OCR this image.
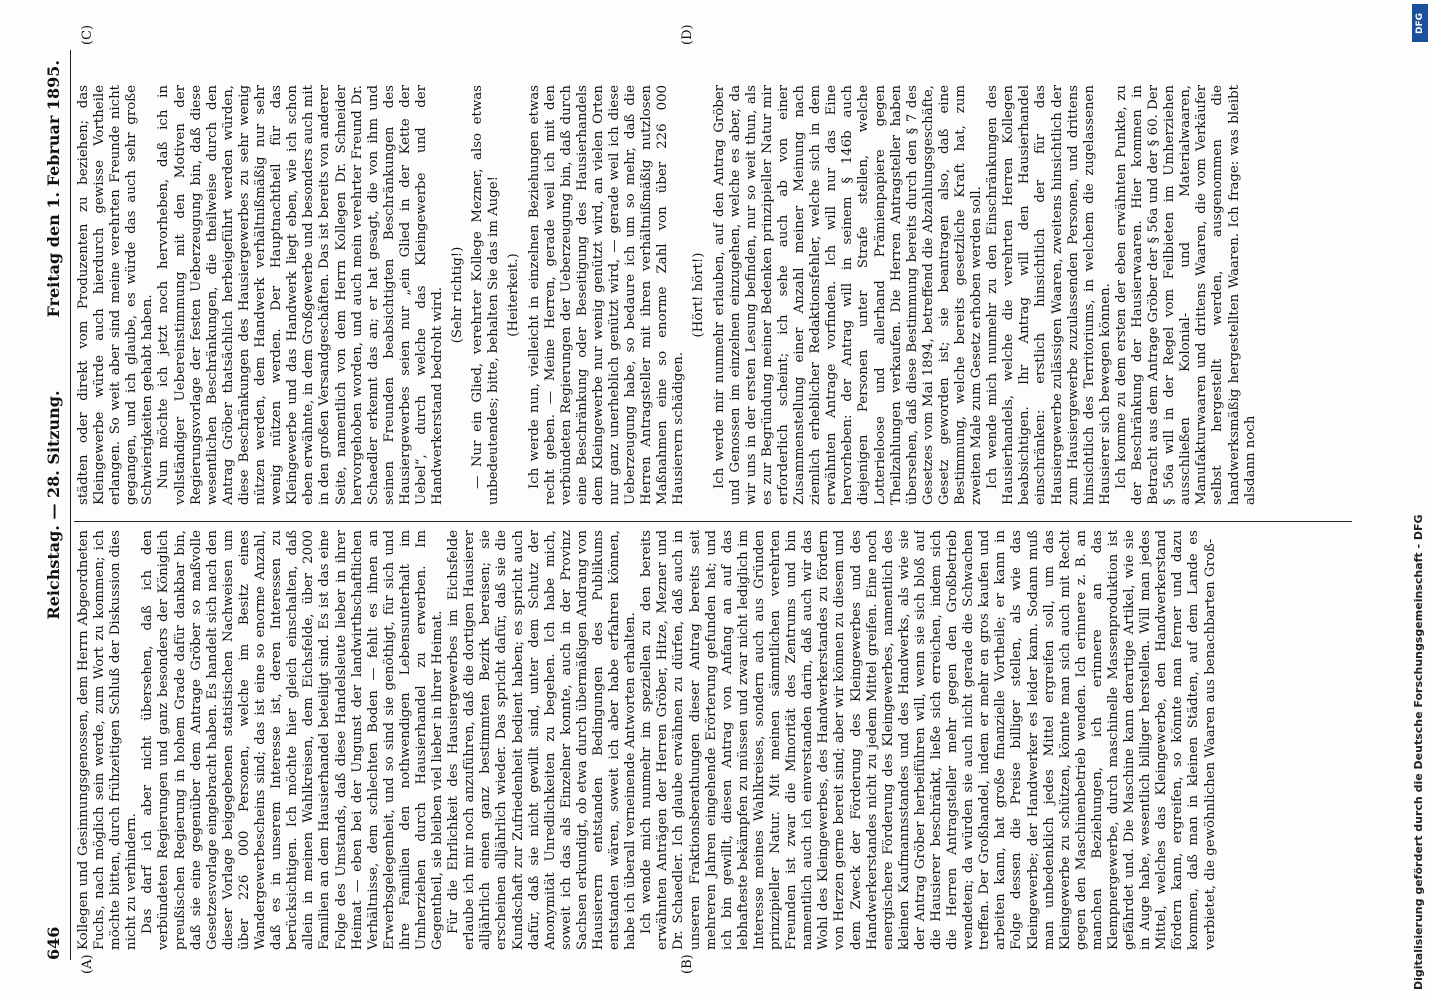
646
Reichstag. — 28. Sitzung.
Freitag den 1. Februar 1895.
(A)	(B)
(C)	(D)

Kollegen und Gesinnungsgenossen, dem Herrn Abgeordneten Fuchs, nach möglich sein werde, zum Wort zu kommen; ich möchte bitten, durch frühzeitigen Schluß der Diskussion dies nicht zu verhindern. Das darf ich aber nicht übersehen, daß ich den verbündeten Regierungen und ganz besonders der Königlich preußischen Regierung in hohem Grade dafür dankbar bin, daß sie eine gegenüber dem Antrage Gröber so maßvolle Gesetzesvorlage eingebracht haben. Es handelt sich nach den dieser Vorlage beigegebenen statistischen Nachweisen um über 226 000 Personen, welche im Besitz eines Wandergewerbescheins sind; das ist eine so enorme Anzahl, daß es in unserem Interesse ist, deren Interessen zu berücksichtigen. Ich möchte hier gleich einschalten, daß allein in meinen Wahlkreisen, dem Eichsfelde, über 2000 Familien an dem Hausierhandel beteiligt sind. Es ist das eine Folge des Umstands, daß diese Handelsleute lieber in ihrer Heimat — eben bei der Ungunst der landwirthschaftlichen Verhältnisse, dem schlechten Boden — fehlt es ihnen an Erwerbsgelegenheit, und so sind sie genöthigt, für sich und ihre Familien den nothwendigen Lebensunterhalt im Umherziehen durch Hausierhandel zu erwerben. Im Gegentheil, sie bleiben viel lieber in ihrer Heimat. Für die Ehrlichkeit des Hausiergewerbes im Eichsfelde erlaube ich mir noch anzuführen, daß die dortigen Hausierer alljährlich einen ganz bestimmten Bezirk bereisen; sie erscheinen alljährlich wieder. Das spricht dafür, daß sie die Kundschaft zur Zufriedenheit bedient haben; es spricht auch dafür, daß sie nicht gewillt sind, unter dem Schutz der Anonymität Unredlichkeiten zu begehen. Ich habe mich, soweit ich das als Einzelner konnte, auch in der Provinz Sachsen erkundigt, ob etwa durch übermäßigen Andrang von Hausierern entstanden Bedingungen des Publikums entstanden wären, soweit ich aber habe erfahren können, habe ich überall verneinende Antworten erhalten. Ich wende mich nunmehr im speziellen zu den bereits erwähnten Anträgen der Herren Gröber, Hitze, Mezner und Dr. Schaedler. Ich glaube erwähnen zu dürfen, daß auch in unseren Fraktionsberathungen dieser Antrag bereits seit mehreren Jahren eingehende Erörterung gefunden hat; und ich bin gewillt, diesen Antrag von Anfang an auf das lebhafteste bekämpfen zu müssen und zwar nicht lediglich im Interesse meines Wahlkreises, sondern auch aus Gründen prinzipieller Natur. Mit meinen sämmtlichen verehrten Freunden ist zwar die Minorität des Zentrums und bin namentlich auch ich einverstanden darin, daß auch wir das Wohl des Kleingewerbes, des Handwerkerstandes zu fördern von Herzen gerne bereit sind; aber wir können zu diesem und dem Zweck der Förderung des Kleingewerbes und des Handwerkerstandes nicht zu jedem Mittel greifen. Eine noch energischere Förderung des Kleingewerbes, namentlich des kleinen Kaufmannsstandes und des Handwerks, als wie sie der Antrag Gröber herbeiführen will, wenn sie sich bloß auf die Hausierer beschränkt, ließe sich erreichen, indem sich die Herren Antragsteller mehr gegen den Großbetrieb wendeten; da würden sie auch nicht gerade die Schwachen treffen. Der Großhandel, indem er mehr en gros kaufen und arbeiten kann, hat große finanzielle Vortheile; er kann in Folge dessen die Preise billiger stellen, als wie das Kleingewerbe; der Handwerker es leider kann. Sodann muß man unbedenklich jedes Mittel ergreifen soll, um das Kleingewerbe zu schützen, könnte man sich auch mit Recht gegen den Maschinenbetrieb wenden. Ich erinnere z. B. an manchen Beziehungen, ich erinnere an das Klempnergewerbe, durch maschinelle Massenproduktion ist gefährdet und. Die Maschine kann derartige Artikel, wie sie in Auge habe, wesentlich billiger herstellen. Will man jedes Mittel, welches das Kleingewerbe, den Handwerkerstand fördern kann, ergreifen, so könnte man ferner und dazu kommen, daß man in kleinen Städten, auf dem Lande es verbietet, die gewöhnlichen Waaren aus benachbarten Groß-

städten oder direkt vom Produzenten zu beziehen; das Kleingewerbe würde auch hierdurch gewisse Vortheile erlangen. So weit aber sind meine verehrten Freunde nicht gegangen, und ich glaube, es würde das auch sehr große Schwierigkeiten gehabt haben. Nun möchte ich jetzt noch hervorheben, daß ich in vollständiger Uebereinstimmung mit den Motiven der Regierungsvorlage der festen Ueberzeugung bin, daß diese wesentlichen Beschränkungen, die theilweise durch den Antrag Gröber thatsächlich herbeigeführt werden würden, diese Beschränkungen des Hausiergewerbes zu sehr wenig nützen werden, dem Handwerk verhältnißmäßig nur sehr wenig nützen werden. Der Hauptnachtheil für das Kleingewerbe und das Handwerk liegt eben, wie ich schon eben erwähnte, in dem Großgewerbe und besonders auch mit in den großen Versandgeschäften. Das ist bereits von anderer Seite, namentlich von dem Herrn Kollegen Dr. Schneider hervorgehoben worden, und auch mein verehrter Freund Dr. Schaedler erkennt das an; er hat gesagt, die von ihm und seinen Freunden beabsichtigten Beschränkungen des Hausiergewerbes seien nur „ein Glied in der Kette der Uebel“, durch welche das Kleingewerbe und der Handwerkerstand bedroht wird. (Sehr richtig!) — Nur ein Glied, verehrter Kollege Mezner, also etwas unbedeutendes; bitte, behalten Sie das im Auge! (Heiterkeit.) Ich werde nun, vielleicht in einzelnen Beziehungen etwas recht geben. — Meine Herren, gerade weil ich mit den verbündeten Regierungen der Ueberzeugung bin, daß durch eine Beschränkung oder Beseitigung des Hausierhandels dem Kleingewerbe nur wenig genützt wird, an vielen Orten nur ganz unerheblich genützt wird, — gerade weil ich diese Ueberzeugung habe, so bedaure ich um so mehr, daß die Herren Antragsteller mit ihren verhältnißmäßig nutzlosen Maßnahmen eine so enorme Zahl von über 226 000 Hausierern schädigen.

(Hört! hört!) Ich werde mir nunmehr erlauben, auf den Antrag Gröber und Genossen im einzelnen einzugehen, welche es aber, da wir uns in der ersten Lesung befinden, nur so weit thun, als es zur Begründung meiner Bedenken prinzipieller Natur mir erforderlich scheint; ich sehe auch ab von einer Zusammenstellung einer Anzahl meiner Meinung nach ziemlich erheblicher Redaktionsfehler, welche sich in dem erwähnten Antrage vorfinden. Ich will nur das Eine hervorheben: der Antrag will in seinem § 146b auch diejenigen Personen unter Strafe stellen, welche Lotterieloose und allerhand Prämienpapiere gegen Theilzahlungen verkaufen. Die Herren Antragsteller haben übersehen, daß diese Bestimmung bereits durch den § 7 des Gesetzes vom Mai 1894, betreffend die Abzahlungsgeschäfte, Gesetz geworden ist; sie beantragen also, daß eine Bestimmung, welche bereits gesetzliche Kraft hat, zum zweiten Male zum Gesetz erhoben werden soll. Ich wende mich nunmehr zu den Einschränkungen des Hausierhandels, welche die verehrten Herren Kollegen beabsichtigen. Ihr Antrag will den Hausierhandel einschränken: erstlich hinsichtlich der für das Hausiergewerbe zulässigen Waaren, zweitens hinsichtlich der zum Hausiergewerbe zuzulassenden Personen, und drittens hinsichtlich des Territoriums, in welchem die zugelassenen Hausierer sich bewegen können. Ich komme zu dem ersten der eben erwähnten Punkte, zu der Beschränkung der Hausierwaaren. Hier kommen in Betracht aus dem Antrage Gröber der § 56a und der § 60. Der § 56a will in der Regel vom Feilbieten im Umherziehen ausschließen Kolonial- und Materialwaaren, Manufakturwaaren und drittens Waaren, die vom Verkäufer selbst hergestellt werden, ausgenommen die handwerksmäßig hergestellten Waaren. Ich frage: was bleibt alsdann noch

DFG
Digitalisierung gefördert durch die Deutsche Forschungsgemeinschaft - DFG
